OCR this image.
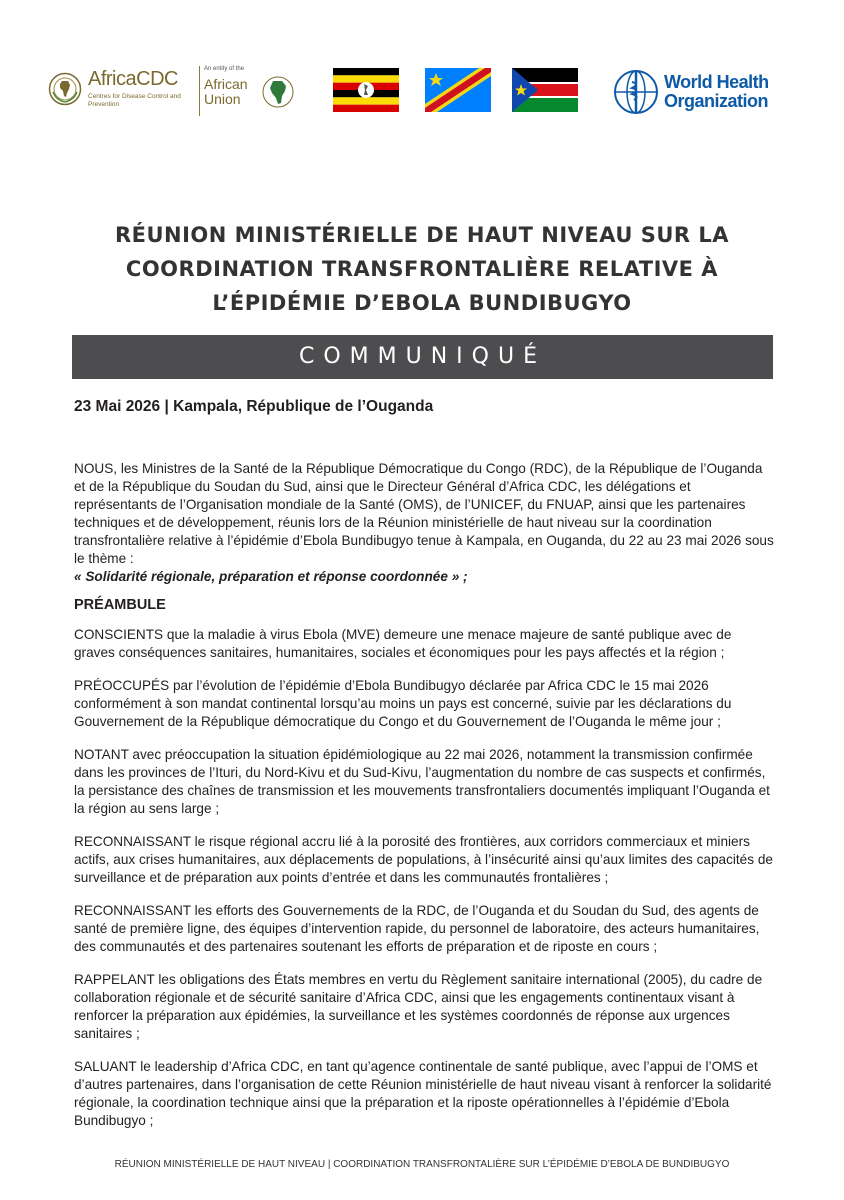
AfricaCDC
Centres for Disease Control and Prevention
An entity of the
African
Union
World Health
Organization
RÉUNION MINISTÉRIELLE DE HAUT NIVEAU SUR LA
COORDINATION TRANSFRONTALIÈRE RELATIVE À
L’ÉPIDÉMIE D’EBOLA BUNDIBUGYO
COMMUNIQUÉ
23 Mai 2026 | Kampala, République de l’Ouganda

NOUS, les Ministres de la Santé de la République Démocratique du Congo (RDC), de la République de l’Ouganda et de la République du Soudan du Sud, ainsi que le Directeur Général d’Africa CDC, les délégations et représentants de l’Organisation mondiale de la Santé (OMS), de l’UNICEF, du FNUAP, ainsi que les partenaires techniques et de développement, réunis lors de la Réunion ministérielle de haut niveau sur la coordination transfrontalière relative à l’épidémie d’Ebola Bundibugyo tenue à Kampala, en Ouganda, du 22 au 23 mai 2026 sous le thème :

« Solidarité régionale, préparation et réponse coordonnée » ;

PRÉAMBULE

CONSCIENTS que la maladie à virus Ebola (MVE) demeure une menace majeure de santé publique avec de graves conséquences sanitaires, humanitaires, sociales et économiques pour les pays affectés et la région ;

PRÉOCCUPÉS par l’évolution de l’épidémie d’Ebola Bundibugyo déclarée par Africa CDC le 15 mai 2026 conformément à son mandat continental lorsqu’au moins un pays est concerné, suivie par les déclarations du Gouvernement de la République démocratique du Congo et du Gouvernement de l’Ouganda le même jour ;

NOTANT avec préoccupation la situation épidémiologique au 22 mai 2026, notamment la transmission confirmée dans les provinces de l’Ituri, du Nord-Kivu et du Sud-Kivu, l’augmentation du nombre de cas suspects et confirmés, la persistance des chaînes de transmission et les mouvements transfrontaliers documentés impliquant l’Ouganda et la région au sens large ;

RECONNAISSANT le risque régional accru lié à la porosité des frontières, aux corridors commerciaux et miniers actifs, aux crises humanitaires, aux déplacements de populations, à l’insécurité ainsi qu’aux limites des capacités de surveillance et de préparation aux points d’entrée et dans les communautés frontalières ;

RECONNAISSANT les efforts des Gouvernements de la RDC, de l’Ouganda et du Soudan du Sud, des agents de santé de première ligne, des équipes d’intervention rapide, du personnel de laboratoire, des acteurs humanitaires, des communautés et des partenaires soutenant les efforts de préparation et de riposte en cours ;

RAPPELANT les obligations des États membres en vertu du Règlement sanitaire international (2005), du cadre de collaboration régionale et de sécurité sanitaire d’Africa CDC, ainsi que les engagements continentaux visant à renforcer la préparation aux épidémies, la surveillance et les systèmes coordonnés de réponse aux urgences sanitaires ;

SALUANT le leadership d’Africa CDC, en tant qu’agence continentale de santé publique, avec l’appui de l’OMS et d’autres partenaires, dans l’organisation de cette Réunion ministérielle de haut niveau visant à renforcer la solidarité régionale, la coordination technique ainsi que la préparation et la riposte opérationnelles à l’épidémie d’Ebola Bundibugyo ;

RÉUNION MINISTÉRIELLE DE HAUT NIVEAU | COORDINATION TRANSFRONTALIÈRE SUR L’ÉPIDÉMIE D’EBOLA DE BUNDIBUGYO
